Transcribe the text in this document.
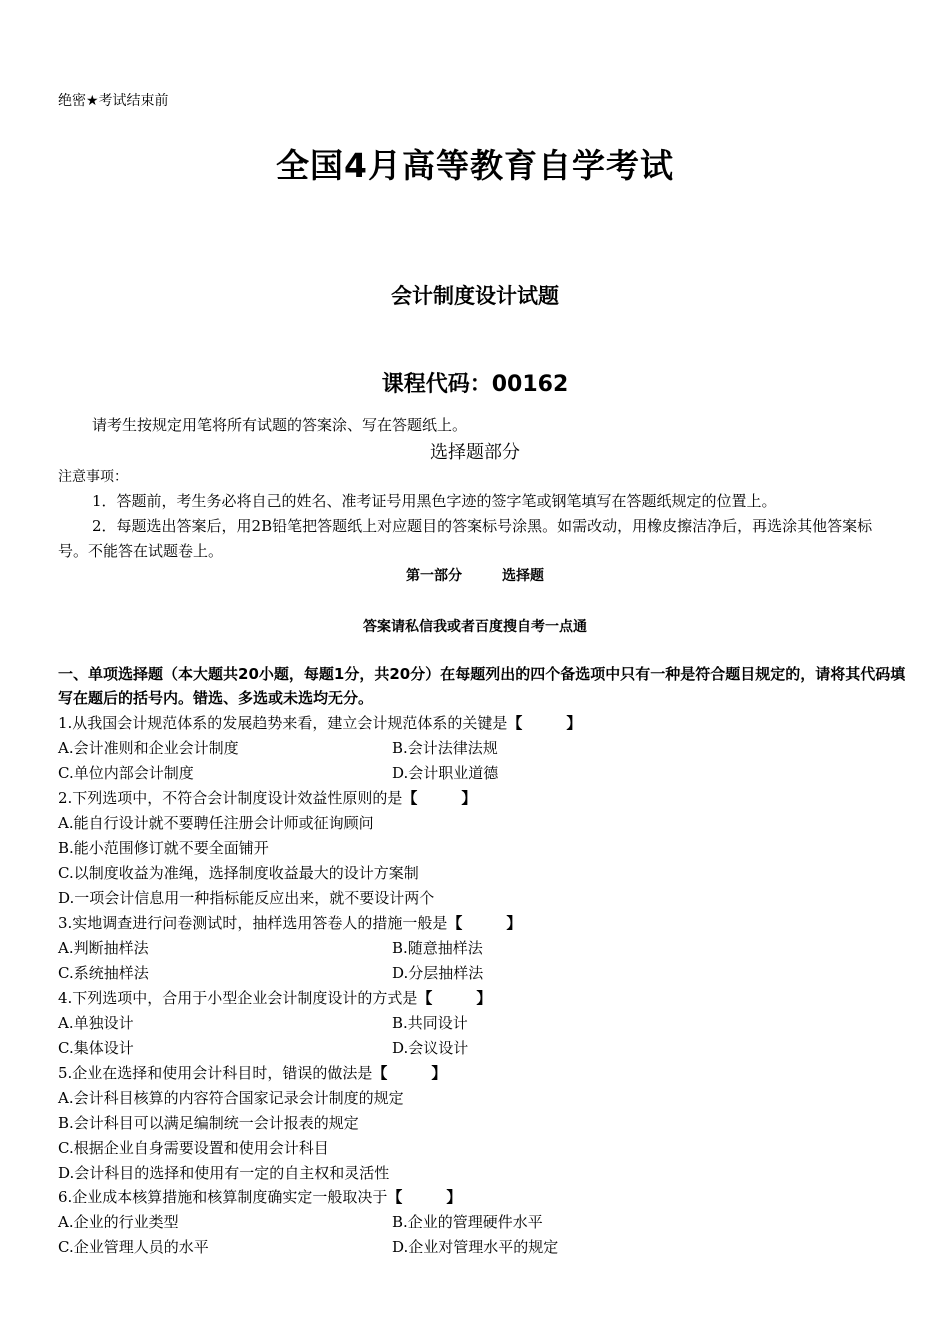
绝密★考试结束前
全国4月高等教育自学考试
会计制度设计试题
课程代码：00162
请考生按规定用笔将所有试题的答案涂、写在答题纸上。
选择题部分
注意事项：
1．答题前，考生务必将自己的姓名、准考证号用黑色字迹的签字笔或钢笔填写在答题纸规定的位置上。
2．每题选出答案后，用2B铅笔把答题纸上对应题目的答案标号涂黑。如需改动，用橡皮擦洁净后，再选涂其他答案标号。不能答在试题卷上。
第一部分	选择题
答案请私信我或者百度搜自考一点通
一、单项选择题（本大题共20小题，每题1分，共20分）在每题列出的四个备选项中只有一种是符合题目规定的，请将其代码填写在题后的括号内。错选、多选或未选均无分。
1.从我国会计规范体系的发展趋势来看，建立会计规范体系的关键是【	】
A.会计准则和企业会计制度	B.会计法律法规
C.单位内部会计制度	D.会计职业道德
2.下列选项中，不符合会计制度设计效益性原则的是【	】
A.能自行设计就不要聘任注册会计师或征询顾问
B.能小范围修订就不要全面铺开
C.以制度收益为准绳，选择制度收益最大的设计方案制
D.一项会计信息用一种指标能反应出来，就不要设计两个
3.实地调查进行问卷测试时，抽样选用答卷人的措施一般是【	】
A.判断抽样法	B.随意抽样法
C.系统抽样法	D.分层抽样法
4.下列选项中，合用于小型企业会计制度设计的方式是【	】
A.单独设计	B.共同设计
C.集体设计	D.会议设计
5.企业在选择和使用会计科目时，错误的做法是【	】
A.会计科目核算的内容符合国家记录会计制度的规定
B.会计科目可以满足编制统一会计报表的规定
C.根据企业自身需要设置和使用会计科目
D.会计科目的选择和使用有一定的自主权和灵活性
6.企业成本核算措施和核算制度确实定一般取决于【	】
A.企业的行业类型	B.企业的管理硬件水平
C.企业管理人员的水平	D.企业对管理水平的规定
